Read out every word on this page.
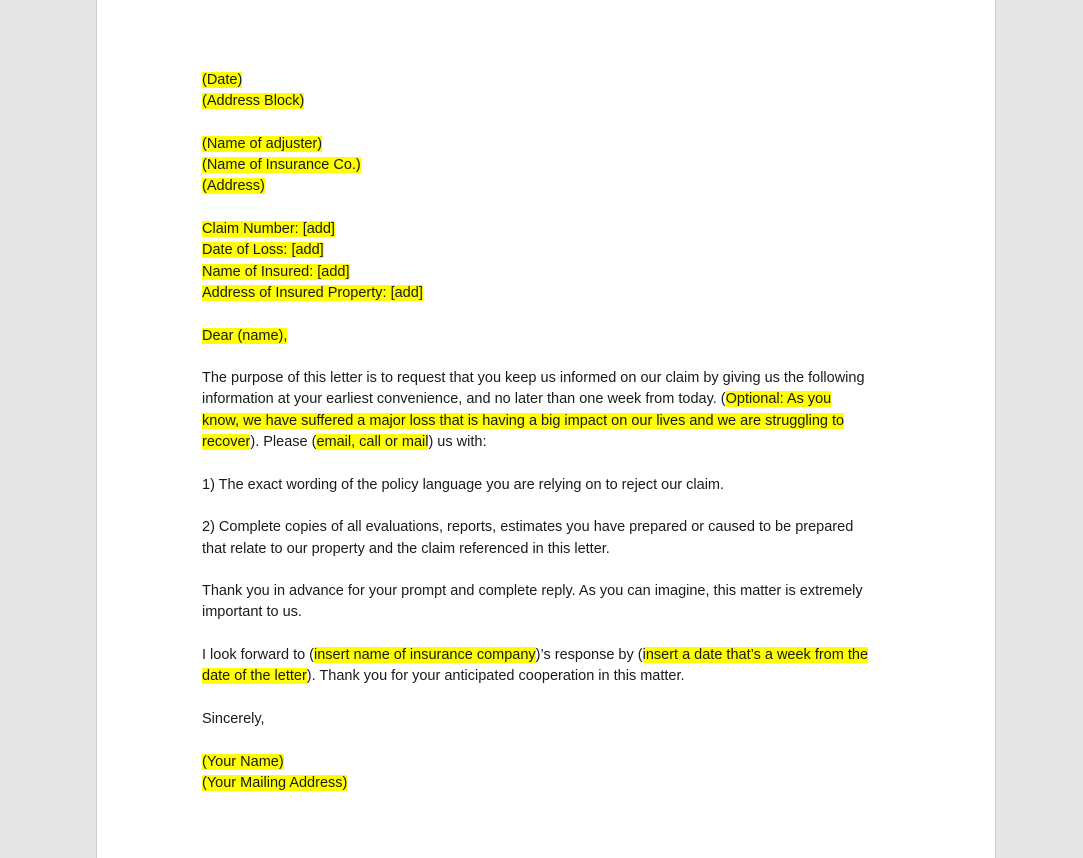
(Date)
(Address Block)
(Name of adjuster)
(Name of Insurance Co.)
(Address)
Claim Number: [add]
Date of Loss: [add]
Name of Insured: [add]
Address of Insured Property: [add]
Dear (name),
The purpose of this letter is to request that you keep us informed on our claim by giving us the following
information at your earliest convenience, and no later than one week from today. (Optional: As you
know, we have suffered a major loss that is having a big impact on our lives and we are struggling to
recover). Please (email, call or mail) us with:
1) The exact wording of the policy language you are relying on to reject our claim.
2) Complete copies of all evaluations, reports, estimates you have prepared or caused to be prepared
that relate to our property and the claim referenced in this letter.
Thank you in advance for your prompt and complete reply. As you can imagine, this matter is extremely
important to us.
I look forward to (insert name of insurance company)’s response by (insert a date that’s a week from the
date of the letter). Thank you for your anticipated cooperation in this matter.
Sincerely,
(Your Name)
(Your Mailing Address)
